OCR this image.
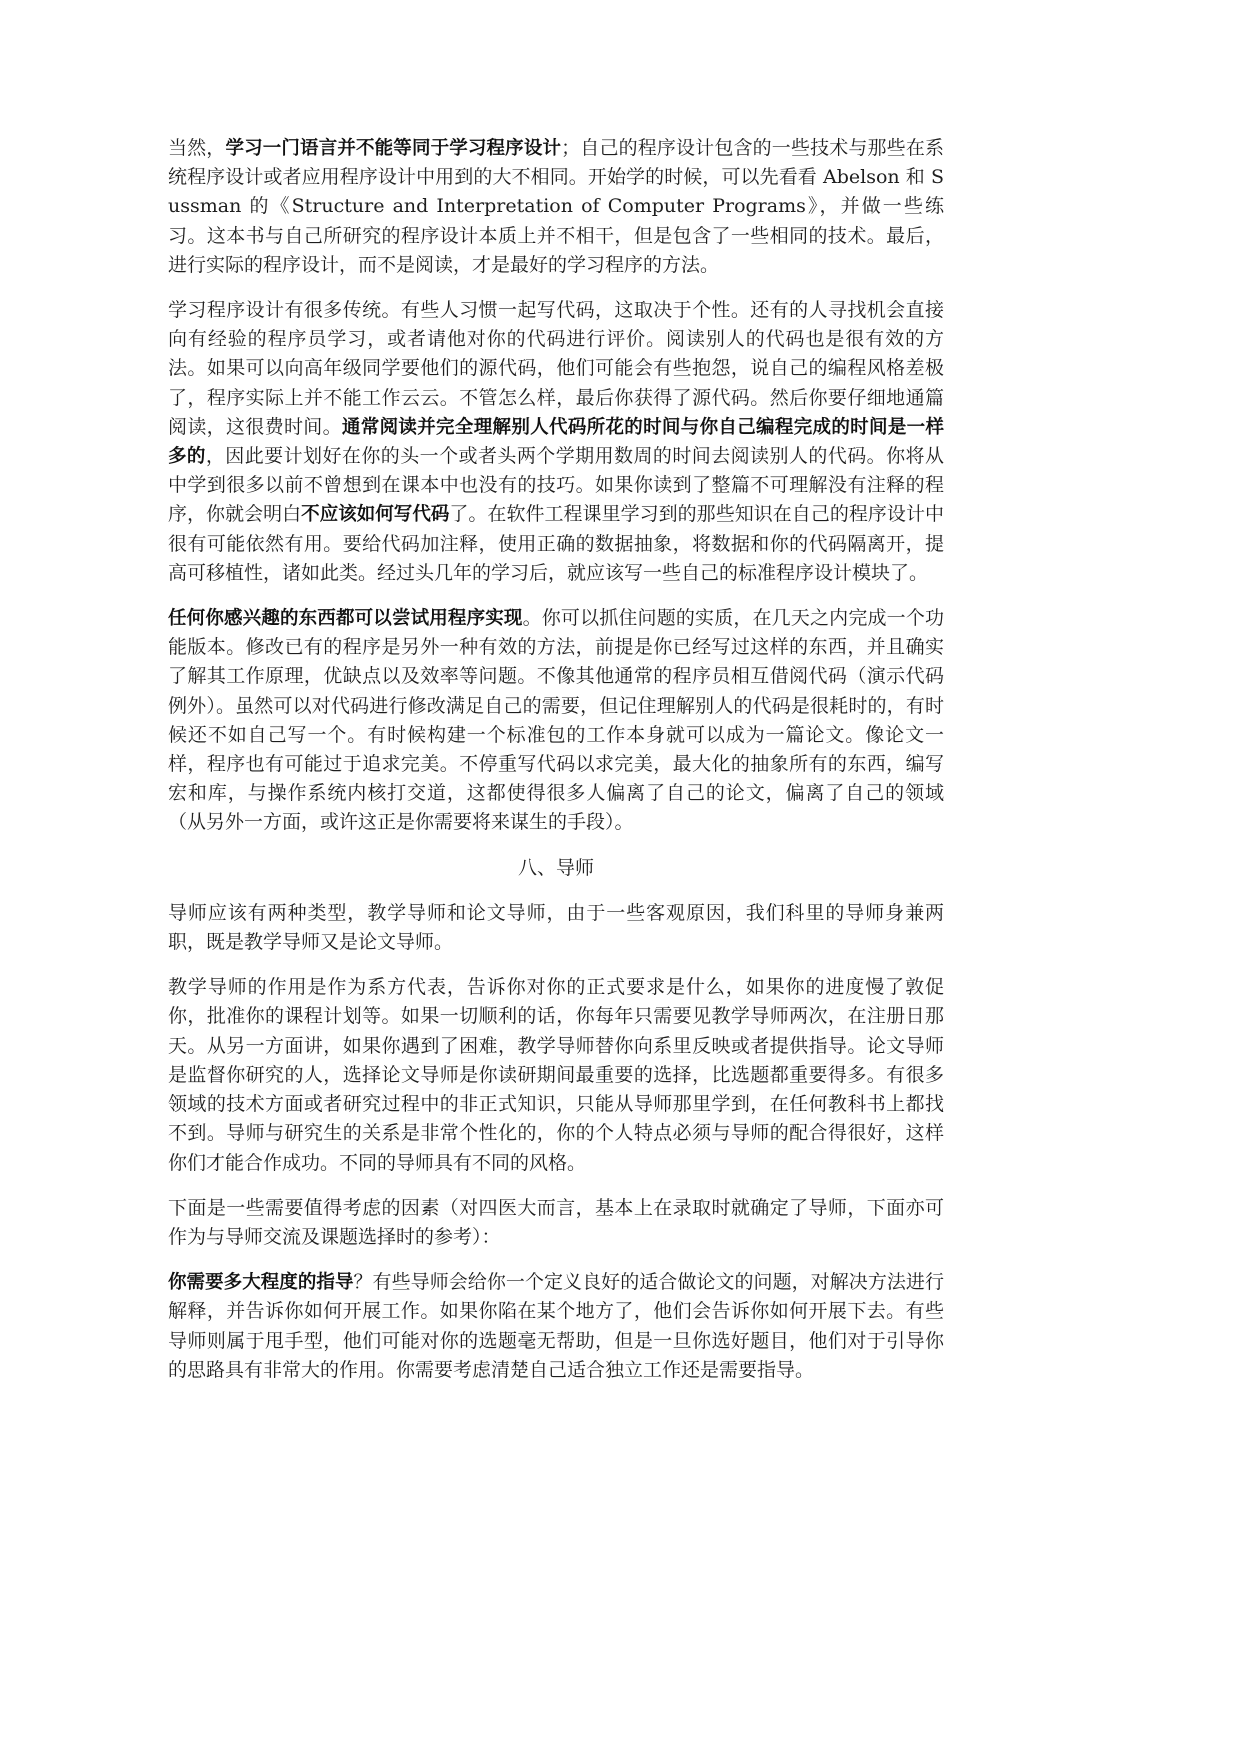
当然，学习一门语言并不能等同于学习程序设计；自己的程序设计包含的一些技术与那些在系统程序设计或者应用程序设计中用到的大不相同。开始学的时候，可以先看看 Abelson 和 Sussman 的《Structure and Interpretation of Computer Programs》，并做一些练习。这本书与自己所研究的程序设计本质上并不相干，但是包含了一些相同的技术。最后，进行实际的程序设计，而不是阅读，才是最好的学习程序的方法。

学习程序设计有很多传统。有些人习惯一起写代码，这取决于个性。还有的人寻找机会直接向有经验的程序员学习，或者请他对你的代码进行评价。阅读别人的代码也是很有效的方法。如果可以向高年级同学要他们的源代码，他们可能会有些抱怨，说自己的编程风格差极了，程序实际上并不能工作云云。不管怎么样，最后你获得了源代码。然后你要仔细地通篇阅读，这很费时间。通常阅读并完全理解别人代码所花的时间与你自己编程完成的时间是一样多的，因此要计划好在你的头一个或者头两个学期用数周的时间去阅读别人的代码。你将从中学到很多以前不曾想到在课本中也没有的技巧。如果你读到了整篇不可理解没有注释的程序，你就会明白不应该如何写代码了。在软件工程课里学习到的那些知识在自己的程序设计中很有可能依然有用。要给代码加注释，使用正确的数据抽象，将数据和你的代码隔离开，提高可移植性，诸如此类。经过头几年的学习后，就应该写一些自己的标准程序设计模块了。

任何你感兴趣的东西都可以尝试用程序实现。你可以抓住问题的实质，在几天之内完成一个功能版本。修改已有的程序是另外一种有效的方法，前提是你已经写过这样的东西，并且确实了解其工作原理，优缺点以及效率等问题。不像其他通常的程序员相互借阅代码（演示代码例外）。虽然可以对代码进行修改满足自己的需要，但记住理解别人的代码是很耗时的，有时候还不如自己写一个。有时候构建一个标准包的工作本身就可以成为一篇论文。像论文一样，程序也有可能过于追求完美。不停重写代码以求完美，最大化的抽象所有的东西，编写宏和库，与操作系统内核打交道，这都使得很多人偏离了自己的论文，偏离了自己的领域（从另外一方面，或许这正是你需要将来谋生的手段）。

八、导师

导师应该有两种类型，教学导师和论文导师，由于一些客观原因，我们科里的导师身兼两职，既是教学导师又是论文导师。

教学导师的作用是作为系方代表，告诉你对你的正式要求是什么，如果你的进度慢了敦促你，批准你的课程计划等。如果一切顺利的话，你每年只需要见教学导师两次，在注册日那天。从另一方面讲，如果你遇到了困难，教学导师替你向系里反映或者提供指导。论文导师是监督你研究的人，选择论文导师是你读研期间最重要的选择，比选题都重要得多。有很多领域的技术方面或者研究过程中的非正式知识，只能从导师那里学到，在任何教科书上都找不到。导师与研究生的关系是非常个性化的，你的个人特点必须与导师的配合得很好，这样你们才能合作成功。不同的导师具有不同的风格。

下面是一些需要值得考虑的因素（对四医大而言，基本上在录取时就确定了导师，下面亦可作为与导师交流及课题选择时的参考）：

你需要多大程度的指导？有些导师会给你一个定义良好的适合做论文的问题，对解决方法进行解释，并告诉你如何开展工作。如果你陷在某个地方了，他们会告诉你如何开展下去。有些导师则属于甩手型，他们可能对你的选题毫无帮助，但是一旦你选好题目，他们对于引导你的思路具有非常大的作用。你需要考虑清楚自己适合独立工作还是需要指导。
